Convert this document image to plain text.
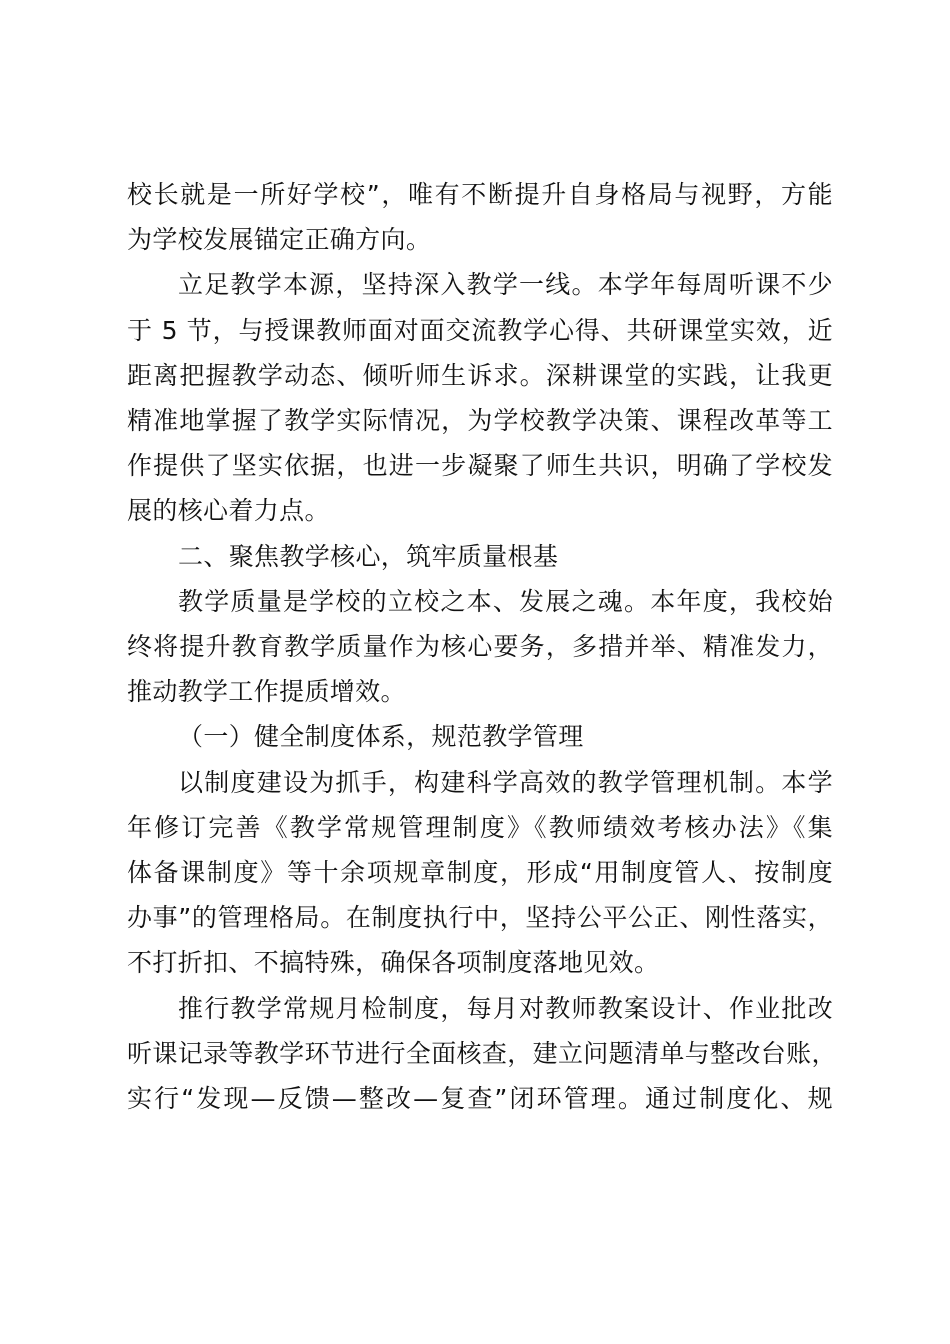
校长就是一所好学校”，唯有不断提升自身格局与视野，方能
为学校发展锚定正确方向。
立足教学本源，坚持深入教学一线。本学年每周听课不少
于 5 节，与授课教师面对面交流教学心得、共研课堂实效，近
距离把握教学动态、倾听师生诉求。深耕课堂的实践，让我更
精准地掌握了教学实际情况，为学校教学决策、课程改革等工
作提供了坚实依据，也进一步凝聚了师生共识，明确了学校发
展的核心着力点。
二、聚焦教学核心，筑牢质量根基
教学质量是学校的立校之本、发展之魂。本年度，我校始
终将提升教育教学质量作为核心要务，多措并举、精准发力，
推动教学工作提质增效。
（一）健全制度体系，规范教学管理
以制度建设为抓手，构建科学高效的教学管理机制。本学
年修订完善《教学常规管理制度》《教师绩效考核办法》《集
体备课制度》等十余项规章制度，形成“用制度管人、按制度
办事”的管理格局。在制度执行中，坚持公平公正、刚性落实，
不打折扣、不搞特殊，确保各项制度落地见效。
推行教学常规月检制度，每月对教师教案设计、作业批改
听课记录等教学环节进行全面核查，建立问题清单与整改台账，
实行“发现—反馈—整改—复查”闭环管理。通过制度化、规
